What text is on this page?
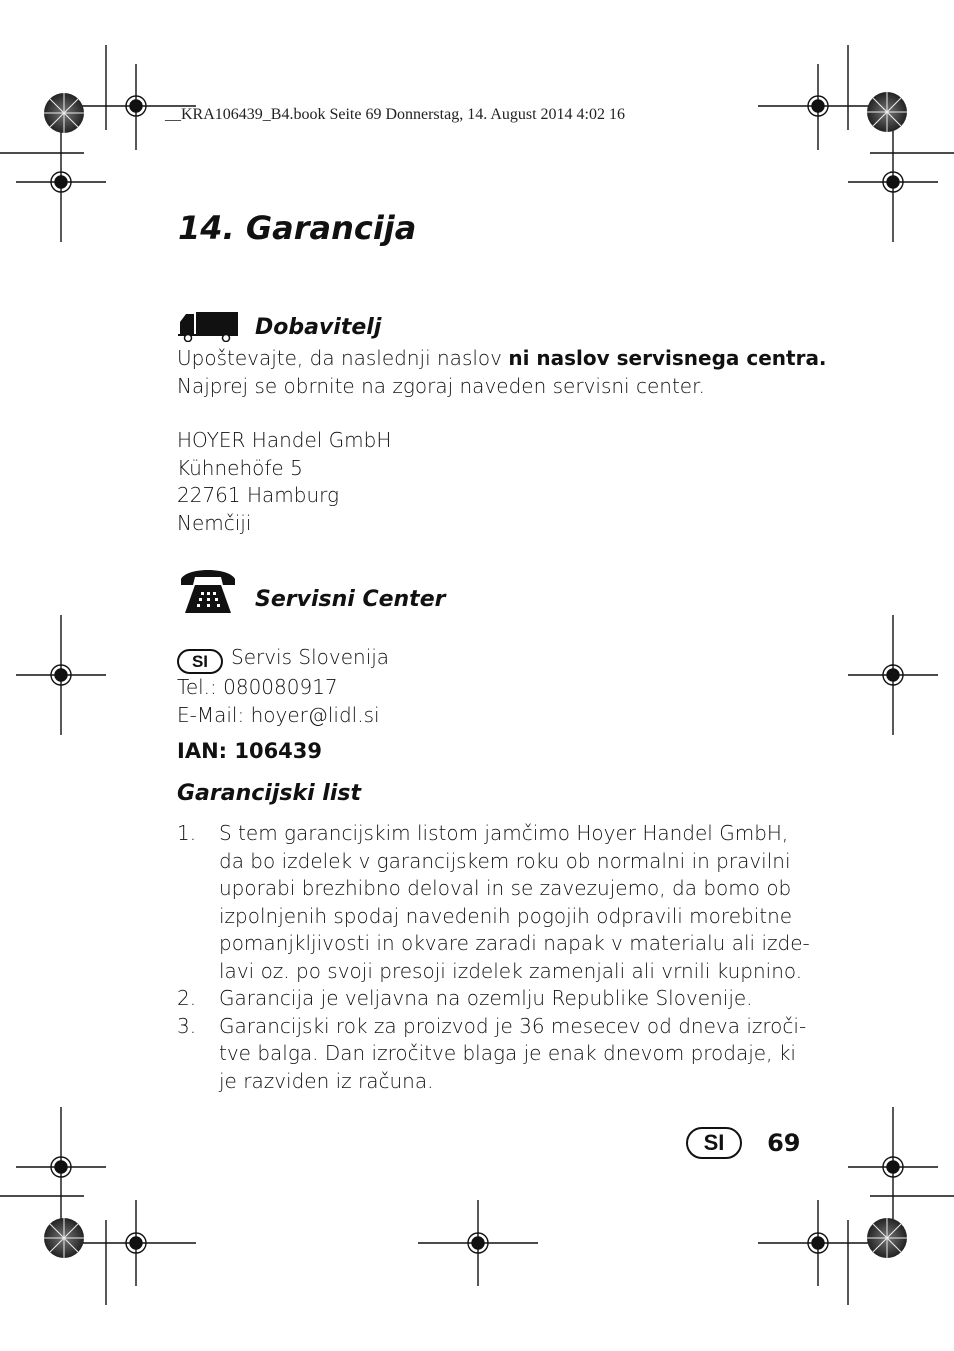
__KRA106439_B4.book Seite 69 Donnerstag, 14. August 2014 4:02 16
14. Garancija
Dobavitelj
Upoštevajte, da naslednji naslov ni naslov servisnega centra.
Najprej se obrnite na zgoraj naveden servisni center.
HOYER Handel GmbH
Kühnehöfe 5
22761 Hamburg
Nemčiji
Servisni Center
SI Servis Slovenija
Tel.: 080080917
E-Mail: hoyer@lidl.si
IAN: 106439
Garancijski list
1. S tem garancijskim listom jamčimo Hoyer Handel GmbH,
da bo izdelek v garancijskem roku ob normalni in pravilni
uporabi brezhibno deloval in se zavezujemo, da bomo ob
izpolnjenih spodaj navedenih pogojih odpravili morebitne
pomanjkljivosti in okvare zaradi napak v materialu ali izde-
lavi oz. po svoji presoji izdelek zamenjali ali vrnili kupnino.
2. Garancija je veljavna na ozemlju Republike Slovenije.
3. Garancijski rok za proizvod je 36 mesecev od dneva izroči-
tve balga. Dan izročitve blaga je enak dnevom prodaje, ki
je razviden iz računa.
SI 69
